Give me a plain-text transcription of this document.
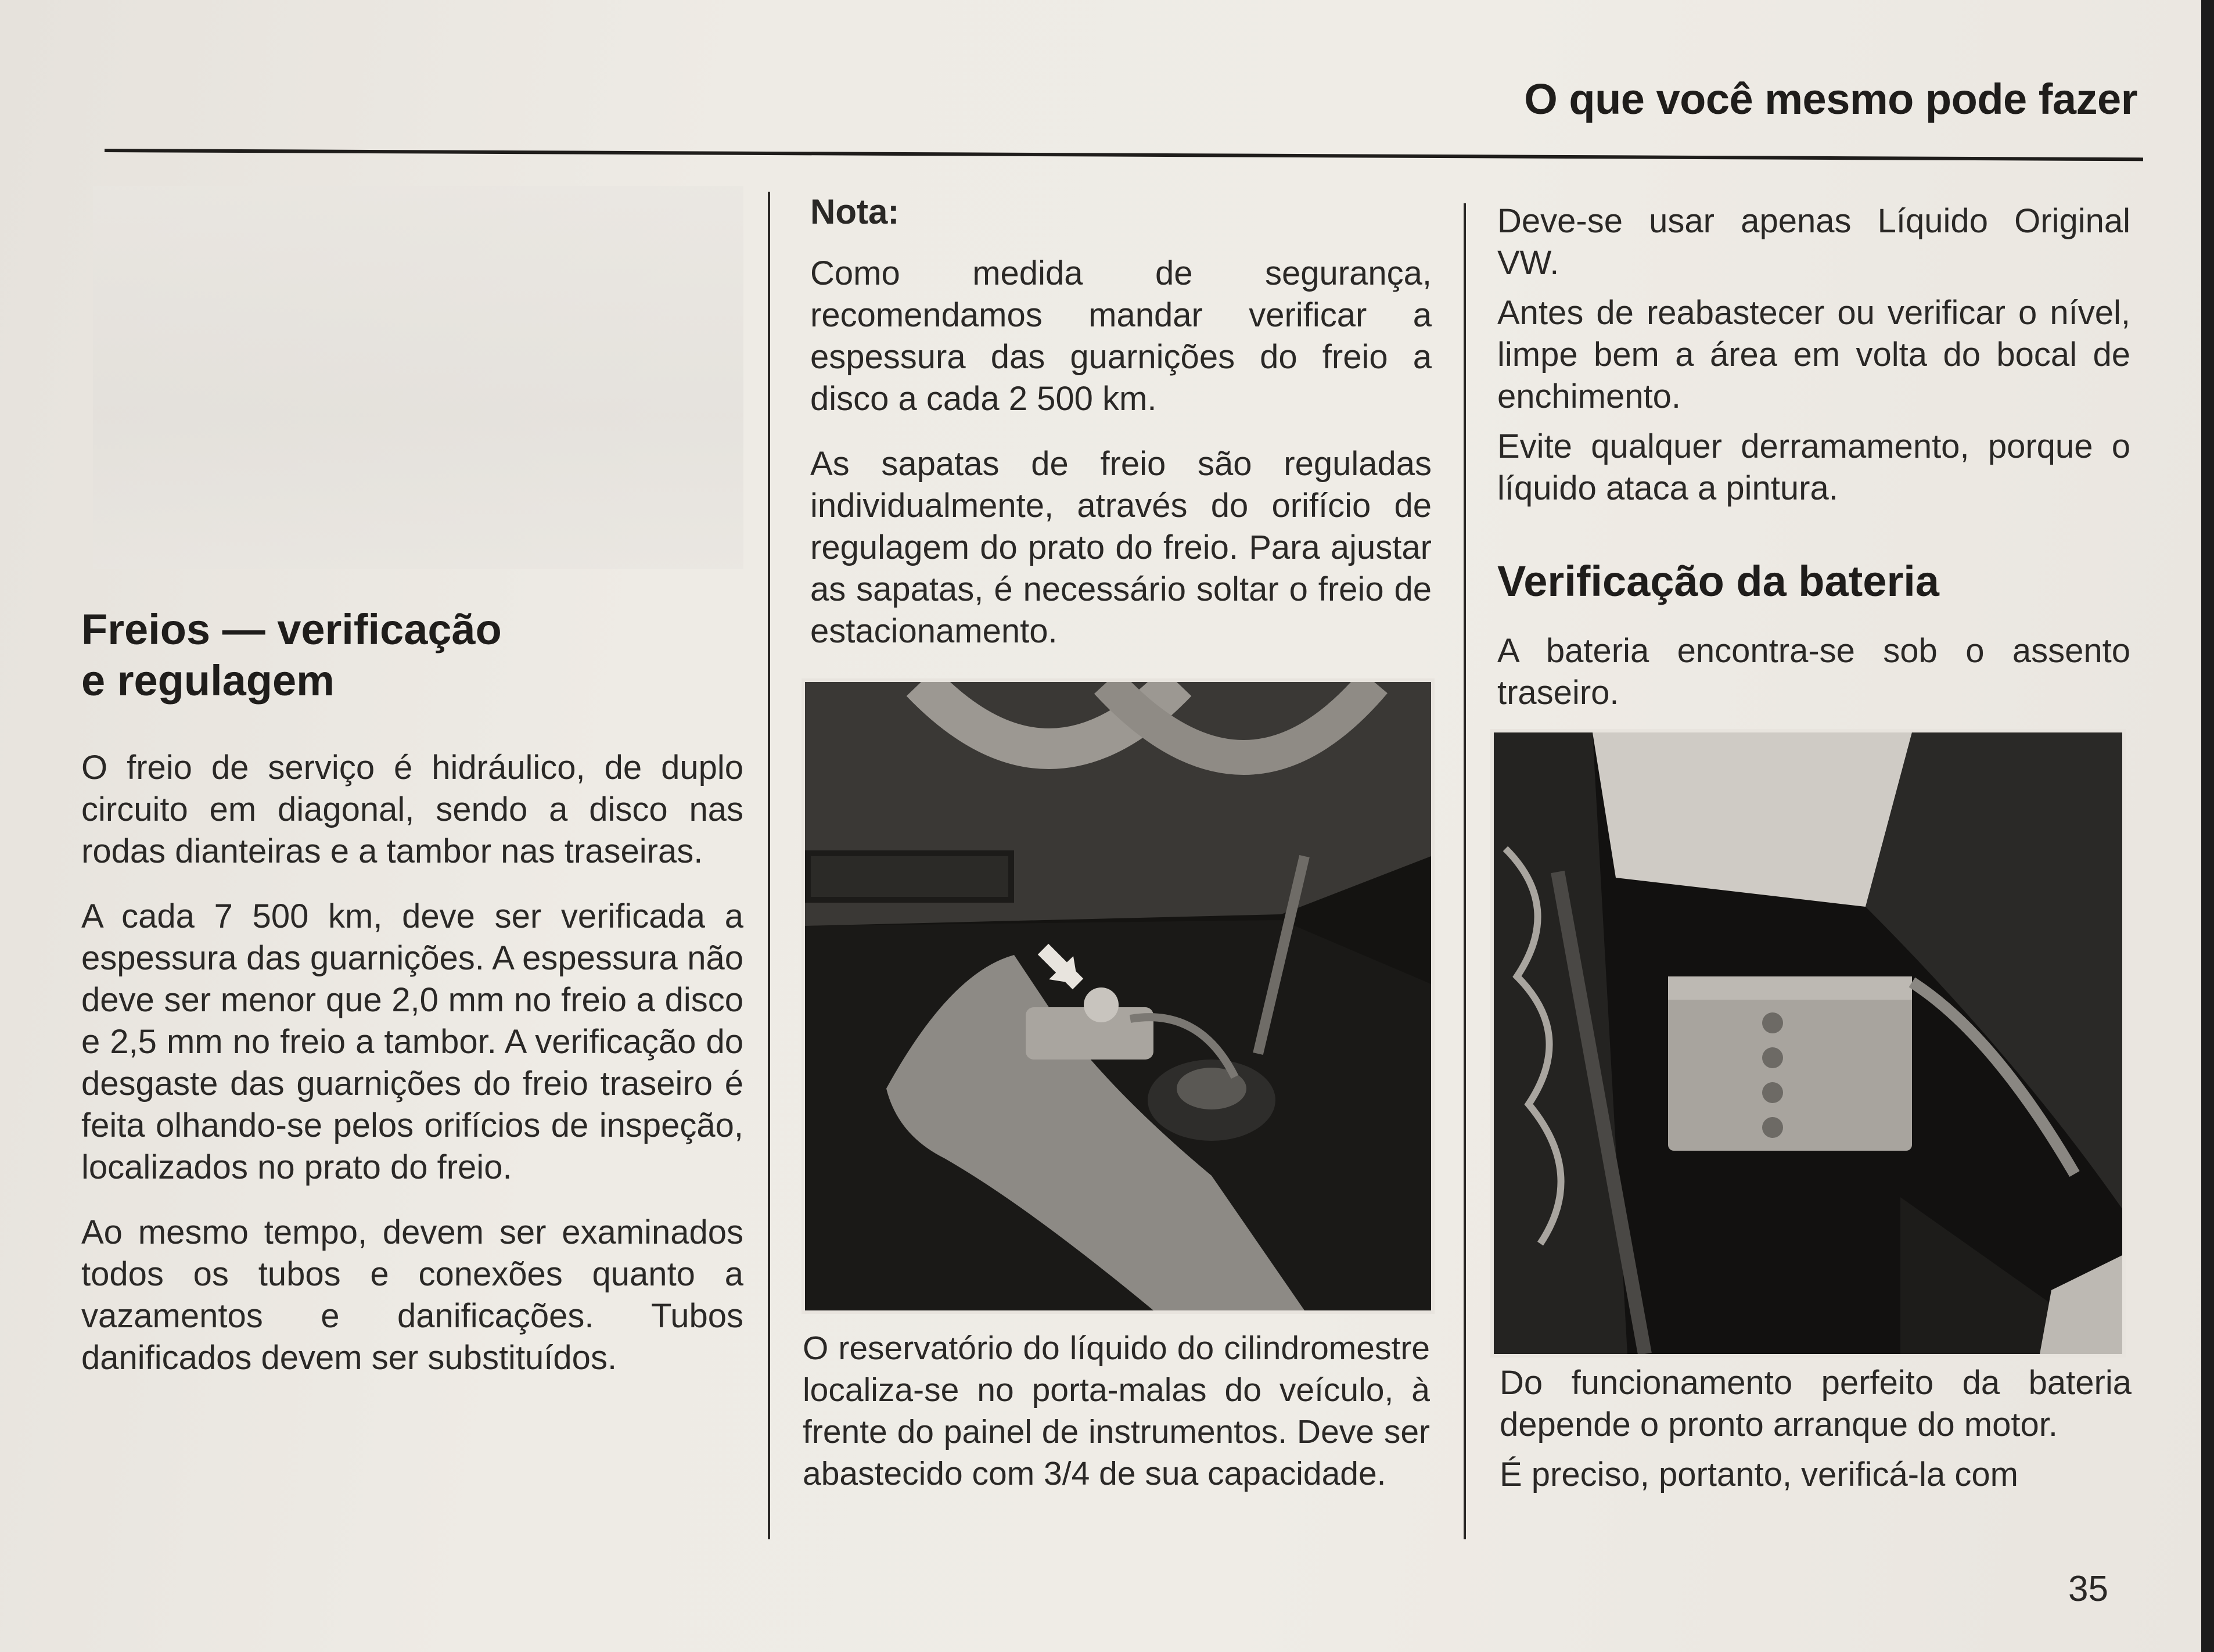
O que você mesmo pode fazer
Freios — verificação
e regulagem

O freio de serviço é hidráulico, de duplo circuito em diagonal, sendo a disco nas rodas dianteiras e a tambor nas traseiras.

A cada 7 500 km, deve ser verificada a espessura das guarnições. A espessura não deve ser menor que 2,0 mm no freio a disco e 2,5 mm no freio a tambor. A verificação do desgaste das guarnições do freio traseiro é feita olhando-se pelos orifícios de inspeção, localizados no prato do freio.

Ao mesmo tempo, devem ser examinados todos os tubos e conexões quanto a vazamentos e danificações. Tubos danificados devem ser substituídos.

Nota:

Como medida de segurança, recomendamos mandar verificar a espessura das guarnições do freio a disco a cada 2 500 km.

As sapatas de freio são reguladas individualmente, através do orifício de regulagem do prato do freio. Para ajustar as sapatas, é necessário soltar o freio de estacionamento.

O reservatório do líquido do cilindromestre localiza-se no porta-malas do veículo, à frente do painel de instrumentos. Deve ser abastecido com 3/4 de sua capacidade.

Deve-se usar apenas Líquido Original VW.

Antes de reabastecer ou verificar o nível, limpe bem a área em volta do bocal de enchimento.

Evite qualquer derramamento, porque o líquido ataca a pintura.

Verificação da bateria

A bateria encontra-se sob o assento traseiro.

Do funcionamento perfeito da bateria depende o pronto arranque do motor.

É preciso, portanto, verificá-la com

35
